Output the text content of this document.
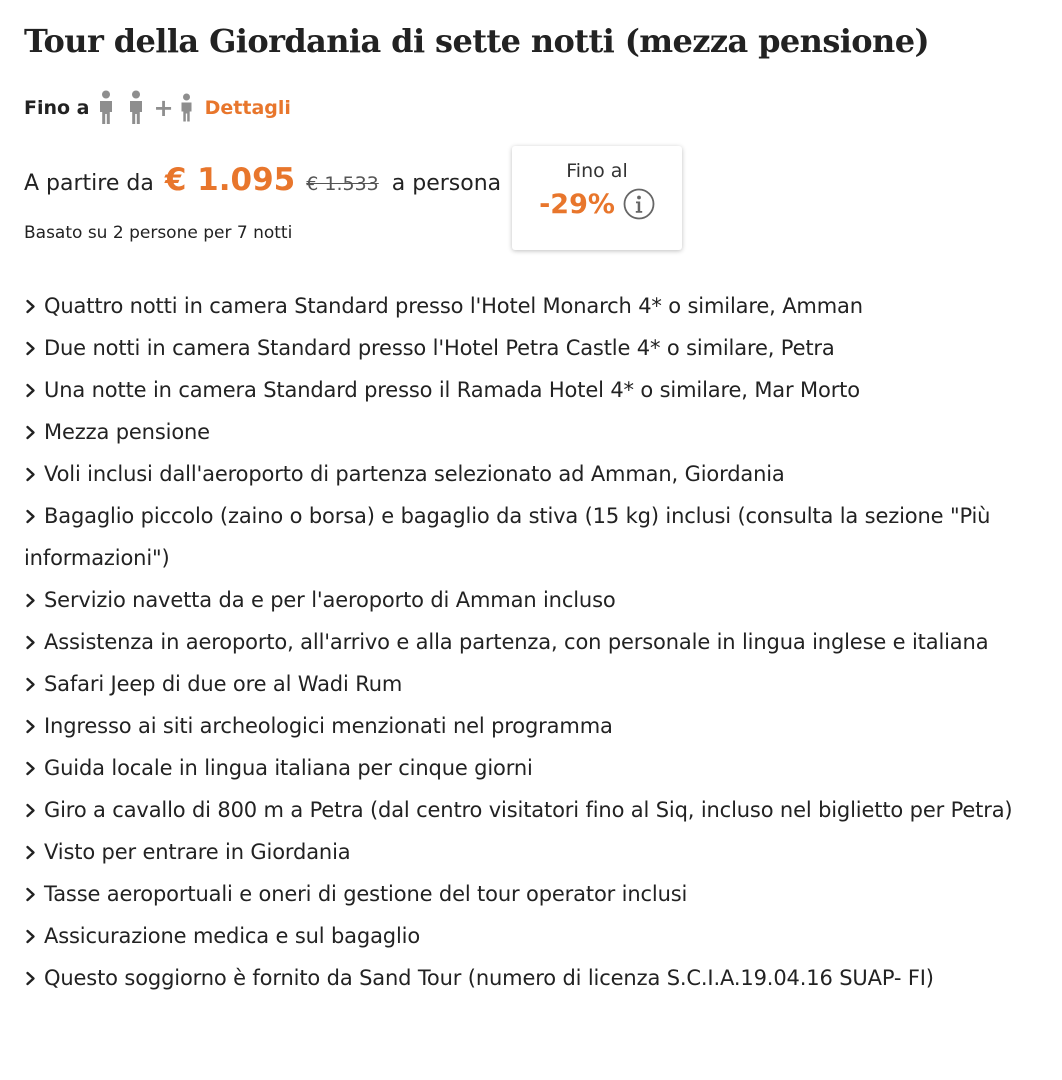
Tour della Giordania di sette notti (mezza pensione)
Fino a	+ Dettagli
A partire da € 1.095 € 1.533 a persona
Basato su 2 persone per 7 notti
Fino al
-29%
Quattro notti in camera Standard presso l'Hotel Monarch 4* o similare, Amman
Due notti in camera Standard presso l'Hotel Petra Castle 4* o similare, Petra
Una notte in camera Standard presso il Ramada Hotel 4* o similare, Mar Morto
Mezza pensione
Voli inclusi dall'aeroporto di partenza selezionato ad Amman, Giordania
Bagaglio piccolo (zaino o borsa) e bagaglio da stiva (15 kg) inclusi (consulta la sezione "Più informazioni")
Servizio navetta da e per l'aeroporto di Amman incluso
Assistenza in aeroporto, all'arrivo e alla partenza, con personale in lingua inglese e italiana
Safari Jeep di due ore al Wadi Rum
Ingresso ai siti archeologici menzionati nel programma
Guida locale in lingua italiana per cinque giorni
Giro a cavallo di 800 m a Petra (dal centro visitatori fino al Siq, incluso nel biglietto per Petra)
Visto per entrare in Giordania
Tasse aeroportuali e oneri di gestione del tour operator inclusi
Assicurazione medica e sul bagaglio
Questo soggiorno è fornito da Sand Tour (numero di licenza S.C.I.A.19.04.16 SUAP- FI)
